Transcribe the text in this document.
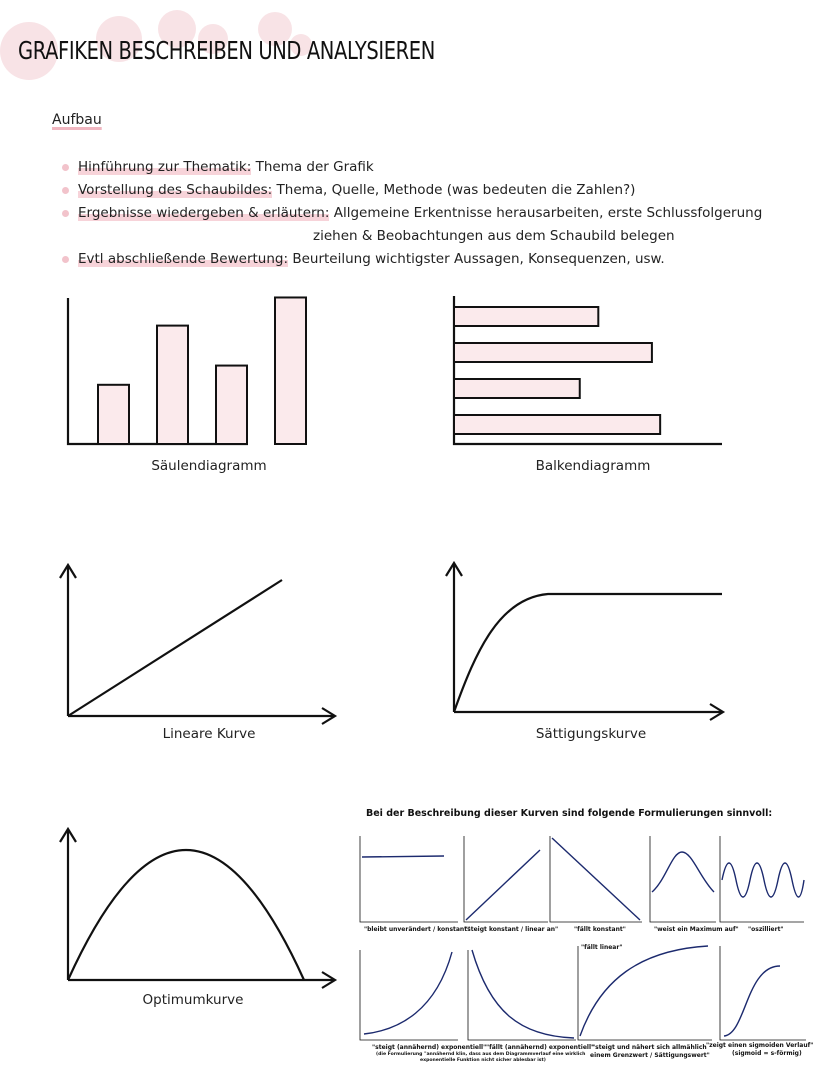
GRAFIKEN BESCHREIBEN UND ANALYSIEREN
Aufbau
Hinführung zur Thematik: Thema der Grafik
Vorstellung des Schaubildes: Thema, Quelle, Methode (was bedeuten die Zahlen?)
Ergebnisse wiedergeben & erläutern: Allgemeine Erkentnisse herausarbeiten, erste Schlussfolgerung
ziehen & Beobachtungen aus dem Schaubild belegen
Evtl abschließende Bewertung: Beurteilung wichtigster Aussagen, Konsequenzen, usw.
Säulendiagramm	Balkendiagramm
Lineare Kurve	Sättigungskurve
Optimumkurve
Bei der Beschreibung dieser Kurven sind folgende Formulierungen sinnvoll:
"bleibt unverändert / konstant"
"steigt konstant / linear an"	"fällt konstant"	"weist ein Maximum auf" "oszilliert"
"fällt linear"
"steigt (annähernd) exponentiell" "fällt (annähernd) exponentiell"
(die Formulierung "annähernd klin, dass aus dem Diagrammverlauf eine wirklich
exponentielle Funktion nicht sicher ablesbar ist)
"steigt und nähert sich allmählich
einem Grenzwert / Sättigungswert"
"zeigt einen sigmoiden Verlauf"
(sigmoid = s-förmig)
